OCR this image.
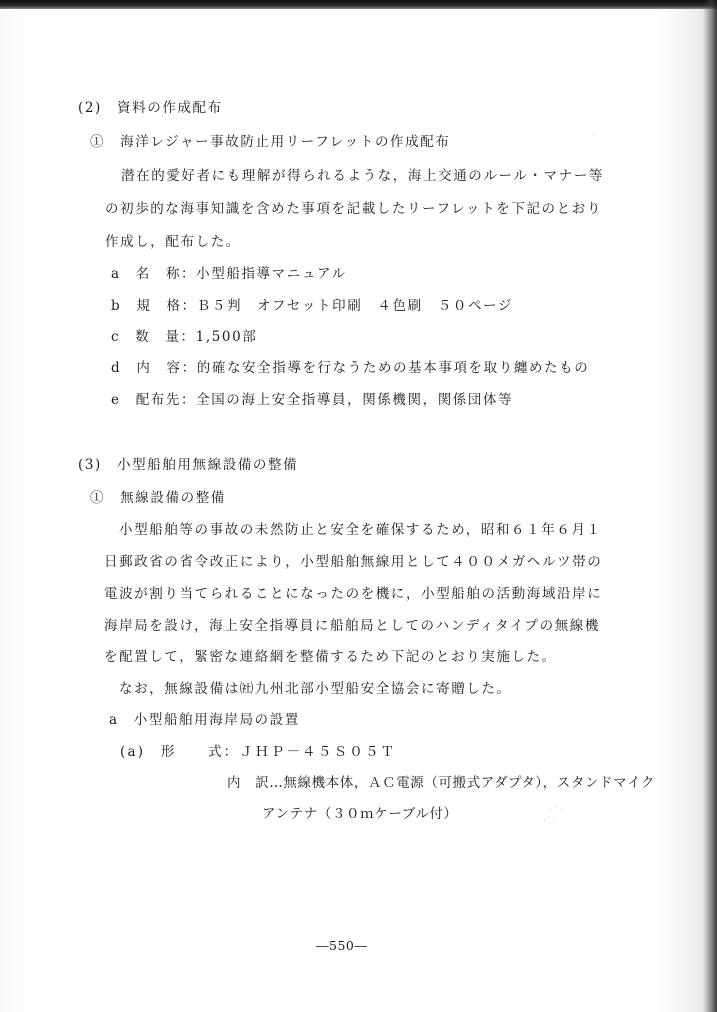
(2)　資料の作成配布
①　海洋レジャー事故防止用リーフレットの作成配布
潜在的愛好者にも理解が得られるような，海上交通のルール・マナー等
の初歩的な海事知識を含めた事項を記載したリーフレットを下記のとおり
作成し，配布した。
a　名　称：小型船指導マニュアル
b　規　格：Ｂ５判　オフセット印刷　４色刷　５０ページ
c　数　量：1,500部
d　内　容：的確な安全指導を行なうための基本事項を取り纏めたもの
e　配布先：全国の海上安全指導員，関係機関，関係団体等
(3)　小型船舶用無線設備の整備
①　無線設備の整備
小型船舶等の事故の未然防止と安全を確保するため，昭和６１年６月１
日郵政省の省令改正により，小型船舶無線用として４００メガヘルツ帯の
電波が割り当てられることになったのを機に，小型船舶の活動海域沿岸に
海岸局を設け，海上安全指導員に船舶局としてのハンディタイプの無線機
を配置して，緊密な連絡網を整備するため下記のとおり実施した。
なお，無線設備は㈳九州北部小型船安全協会に寄贈した。
a　小型船舶用海岸局の設置
(a)　形　　式：ＪＨＰ－４５Ｓ０５Ｔ
内　訳…無線機本体，ＡＣ電源（可搬式アダプタ），スタンドマイク
アンテナ（３０ｍケーブル付）	· ˙ ·
·˙ ·
·
―550―
